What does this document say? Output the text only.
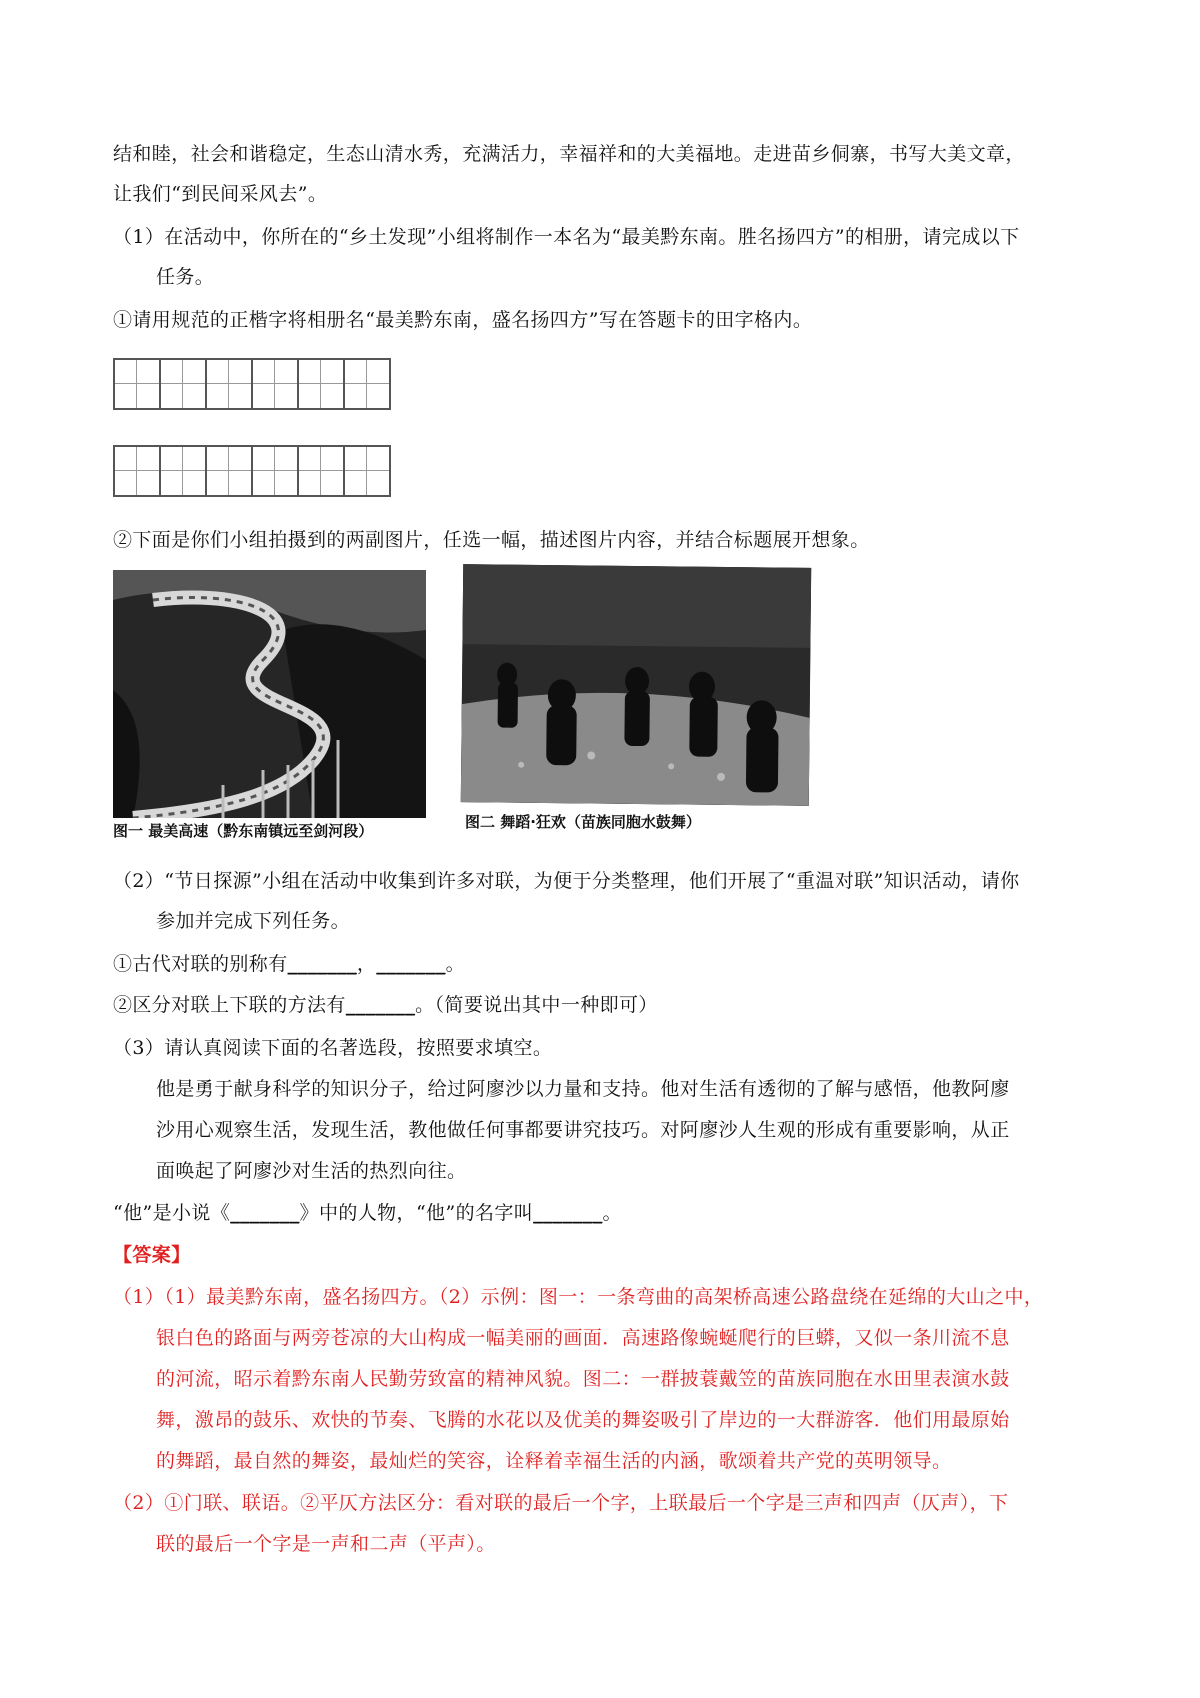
结和睦，社会和谐稳定，生态山清水秀，充满活力，幸福祥和的大美福地。走进苗乡侗寨，书写大美文章，
让我们“到民间采风去”。
（1）在活动中，你所在的“乡土发现”小组将制作一本名为“最美黔东南。胜名扬四方”的相册，请完成以下
任务。
①请用规范的正楷字将相册名“最美黔东南，盛名扬四方”写在答题卡的田字格内。
②下面是你们小组拍摄到的两副图片，任选一幅，描述图片内容，并结合标题展开想象。
图一 最美高速（黔东南镇远至剑河段）	图二 舞蹈·狂欢（苗族同胞水鼓舞）
（2）“节日探源”小组在活动中收集到许多对联，为便于分类整理，他们开展了“重温对联”知识活动，请你
参加并完成下列任务。
①古代对联的别称有_______，_______。
②区分对联上下联的方法有_______。（简要说出其中一种即可）
（3）请认真阅读下面的名著选段，按照要求填空。
他是勇于献身科学的知识分子，给过阿廖沙以力量和支持。他对生活有透彻的了解与感悟，他教阿廖
沙用心观察生活，发现生活，教他做任何事都要讲究技巧。对阿廖沙人生观的形成有重要影响，从正
面唤起了阿廖沙对生活的热烈向往。
“他”是小说《_______》中的人物，“他”的名字叫_______。
【答案】
（1）（1）最美黔东南，盛名扬四方。（2）示例：图一：一条弯曲的高架桥高速公路盘绕在延绵的大山之中，
银白色的路面与两旁苍凉的大山构成一幅美丽的画面．高速路像蜿蜒爬行的巨蟒，又似一条川流不息
的河流，昭示着黔东南人民勤劳致富的精神风貌。图二：一群披蓑戴笠的苗族同胞在水田里表演水鼓
舞，激昂的鼓乐、欢快的节奏、飞腾的水花以及优美的舞姿吸引了岸边的一大群游客．他们用最原始
的舞蹈，最自然的舞姿，最灿烂的笑容，诠释着幸福生活的内涵，歌颂着共产党的英明领导。
（2）①门联、联语。②平仄方法区分：看对联的最后一个字，上联最后一个字是三声和四声（仄声），下
联的最后一个字是一声和二声（平声）。
